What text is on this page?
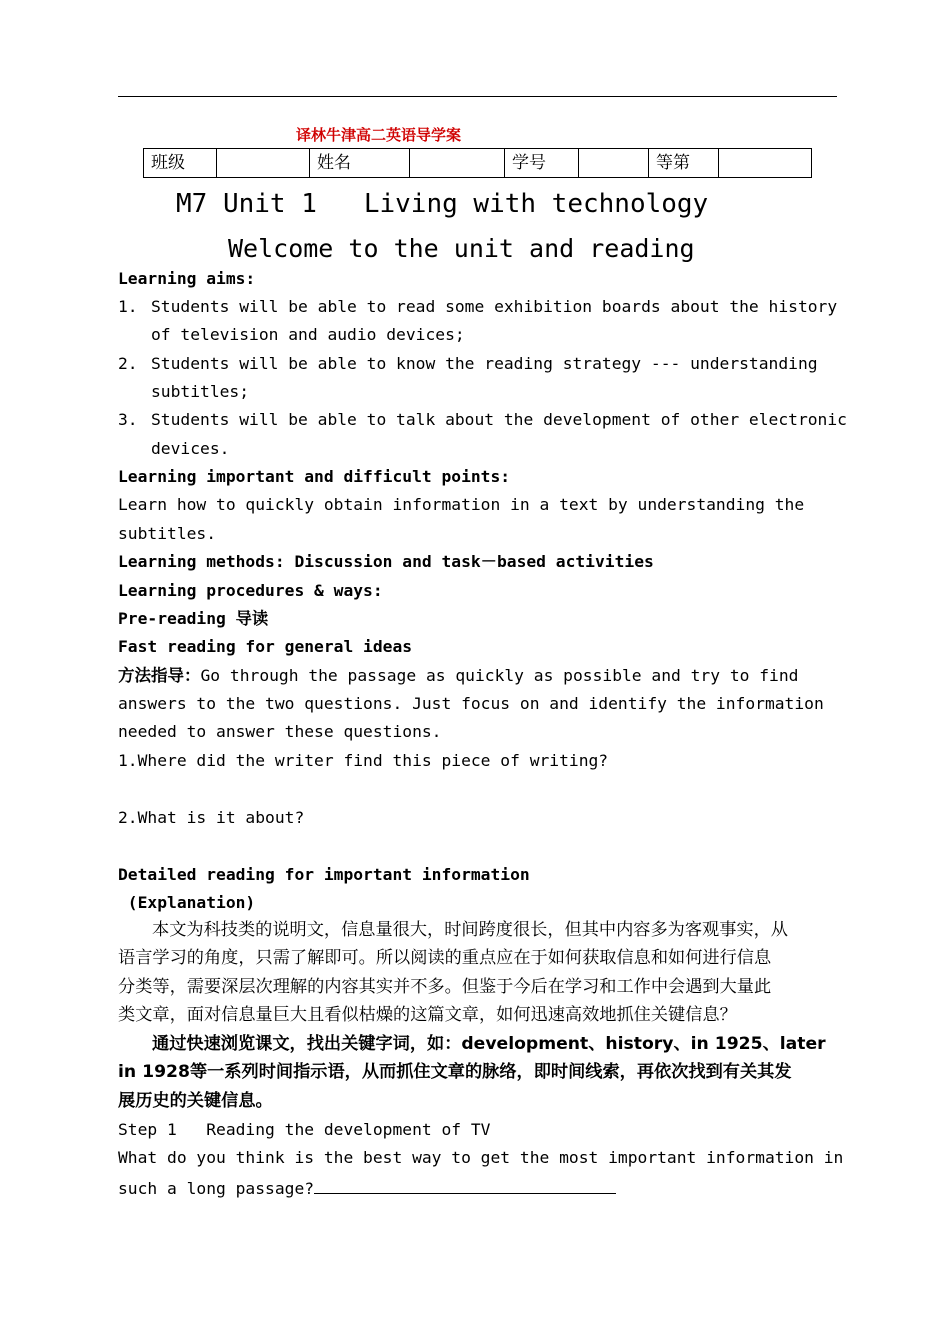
译林牛津高二英语导学案
班级		姓名		学号		等第	
M7 Unit 1   Living with technology
Welcome to the unit and reading
Learning aims:
1. Students will be able to read some exhibition boards about the history
of television and audio devices;
2. Students will be able to know the reading strategy --- understanding
subtitles;
3. Students will be able to talk about the development of other electronic
devices.
Learning important and difficult points:
Learn how to quickly obtain information in a text by understanding the
subtitles.
Learning methods: Discussion and task－based activities
Learning procedures & ways:
Pre-reading 导读
Fast reading for general ideas
方法指导：Go through the passage as quickly as possible and try to find
answers to the two questions. Just focus on and identify the information
needed to answer these questions.
1.Where did the writer find this piece of writing?
2.What is it about?
Detailed reading for important information
(Explanation)
本文为科技类的说明文，信息量很大，时间跨度很长，但其中内容多为客观事实，从
语言学习的角度，只需了解即可。所以阅读的重点应在于如何获取信息和如何进行信息
分类等，需要深层次理解的内容其实并不多。但鉴于今后在学习和工作中会遇到大量此
类文章，面对信息量巨大且看似枯燥的这篇文章，如何迅速高效地抓住关键信息？
通过快速浏览课文，找出关键字词，如：development、history、in 1925、later
in 1928等一系列时间指示语，从而抓住文章的脉络，即时间线索，再依次找到有关其发
展历史的关键信息。
Step 1   Reading the development of TV
What do you think is the best way to get the most important information in
such a long passage?
